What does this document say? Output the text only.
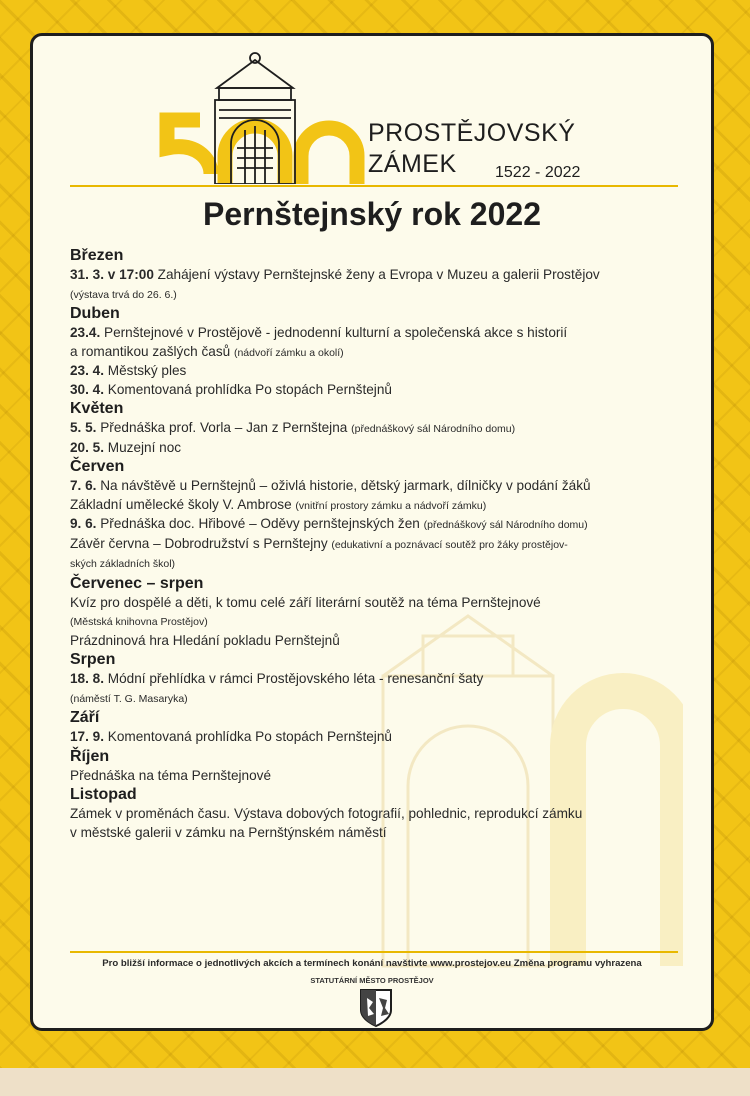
PROSTĚJOVSKÝ
ZÁMEK	1522 - 2022
Pernštejnský rok 2022
Březen
31. 3. v 17:00 Zahájení výstavy Pernštejnské ženy a Evropa v Muzeu a galerii Prostějov
(výstava trvá do 26. 6.)
Duben
23.4. Pernštejnové v Prostějově - jednodenní kulturní a společenská akce s historií
a romantikou zašlých časů (nádvoří zámku a okolí)
23. 4. Městský ples
30. 4. Komentovaná prohlídka Po stopách Pernštejnů
Květen
5. 5. Přednáška prof. Vorla – Jan z Pernštejna (přednáškový sál Národního domu)
20. 5. Muzejní noc
Červen
7. 6. Na návštěvě u Pernštejnů – oživlá historie, dětský jarmark, dílničky v podání žáků
Základní umělecké školy V. Ambrose (vnitřní prostory zámku a nádvoří zámku)
9. 6. Přednáška doc. Hřibové – Oděvy pernštejnských žen (přednáškový sál Národního domu)
Závěr června – Dobrodružství s Pernštejny (edukativní a poznávací soutěž pro žáky prostějov-
ských základních škol)
Červenec – srpen
Kvíz pro dospělé a děti, k tomu celé září literární soutěž na téma Pernštejnové
(Městská knihovna Prostějov)
Prázdninová hra Hledání pokladu Pernštejnů
Srpen
18. 8. Módní přehlídka v rámci Prostějovského léta - renesanční šaty
(náměstí T. G. Masaryka)
Září
17. 9. Komentovaná prohlídka Po stopách Pernštejnů
Říjen
Přednáška na téma Pernštejnové
Listopad
Zámek v proměnách času. Výstava dobových fotografií, pohlednic, reprodukcí zámku
v městské galerii v zámku na Pernštýnském náměstí
Pro bližší informace o jednotlivých akcích a termínech konání navštivte www.prostejov.eu Změna programu vyhrazena
STATUTÁRNÍ MĚSTO PROSTĚJOV
